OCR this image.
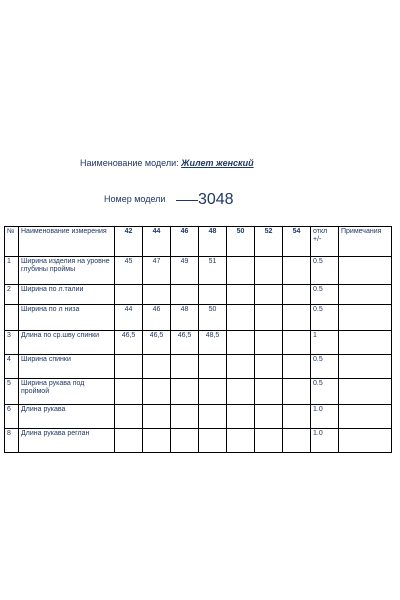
Наименование модели: Жилет женский
Номер модели 3048
№	Наименование измерения	42	44	46	48	50	52	54	откл +/-	Примечания
1	Ширина изделия на уровне глубины проймы	45	47	49	51				0.5	
2	Ширина по л.талии								0.5	
	Ширина по л низа	44	46	48	50				0.5	
3	Длина по ср.шву спинки	46,5	46,5	46,5	48,5				1	
4	Ширина спинки								0.5	
5	Ширина рукава под проймой								0.5	
6	Длина рукава								1.0	
8	Длина рукава реглан								1.0	
